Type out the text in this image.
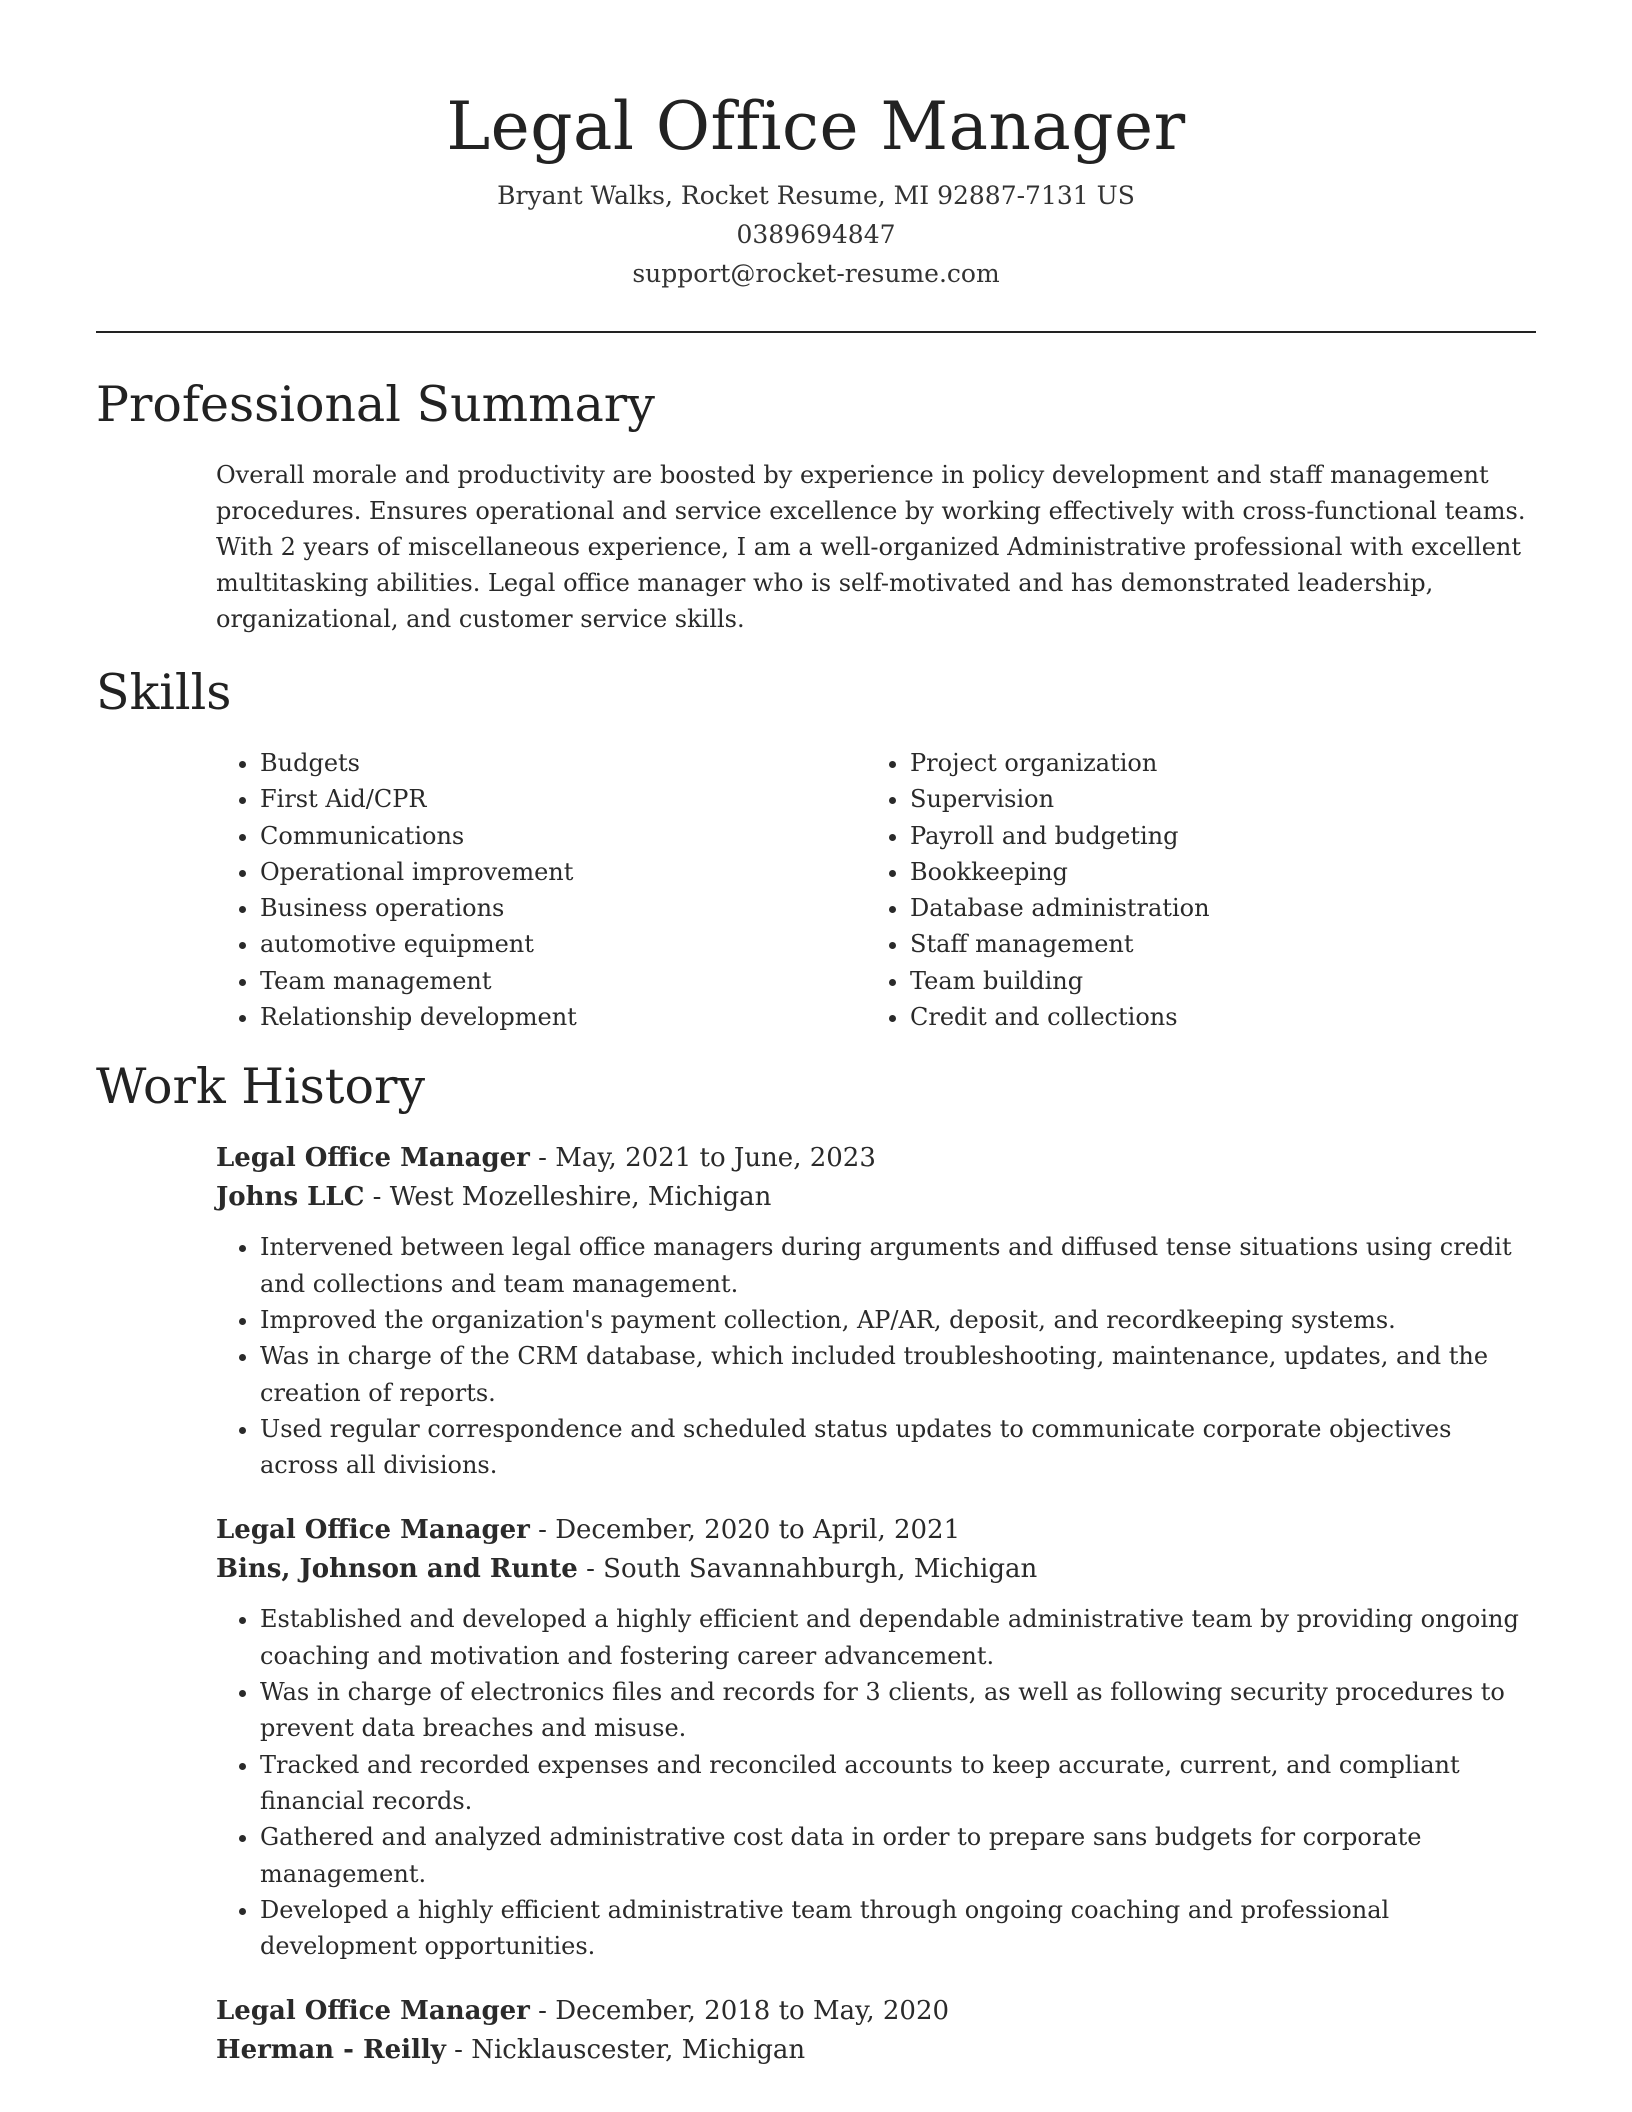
Legal Office Manager
Bryant Walks, Rocket Resume, MI 92887-7131 US
0389694847
support@rocket-resume.com
Professional Summary

Overall morale and productivity are boosted by experience in policy development and staff management procedures. Ensures operational and service excellence by working effectively with cross-functional teams. With 2 years of miscellaneous experience, I am a well-organized Administrative professional with excellent multitasking abilities. Legal office manager who is self-motivated and has demonstrated leadership, organizational, and customer service skills.

Skills
• Budgets
• First Aid/CPR
• Communications
• Operational improvement
• Business operations
• automotive equipment
• Team management
• Relationship development
• Project organization
• Supervision
• Payroll and budgeting
• Bookkeeping
• Database administration
• Staff management
• Team building
• Credit and collections
Work History
Legal Office Manager - May, 2021 to June, 2023
Johns LLC - West Mozelleshire, Michigan
• Intervened between legal office managers during arguments and diffused tense situations using credit and collections and team management.
• Improved the organization's payment collection, AP/AR, deposit, and recordkeeping systems.
• Was in charge of the CRM database, which included troubleshooting, maintenance, updates, and the creation of reports.
• Used regular correspondence and scheduled status updates to communicate corporate objectives across all divisions.
Legal Office Manager - December, 2020 to April, 2021
Bins, Johnson and Runte - South Savannahburgh, Michigan
• Established and developed a highly efficient and dependable administrative team by providing ongoing coaching and motivation and fostering career advancement.
• Was in charge of electronics files and records for 3 clients, as well as following security procedures to prevent data breaches and misuse.
• Tracked and recorded expenses and reconciled accounts to keep accurate, current, and compliant financial records.
• Gathered and analyzed administrative cost data in order to prepare sans budgets for corporate management.
• Developed a highly efficient administrative team through ongoing coaching and professional development opportunities.
Legal Office Manager - December, 2018 to May, 2020
Herman - Reilly - Nicklauscester, Michigan
